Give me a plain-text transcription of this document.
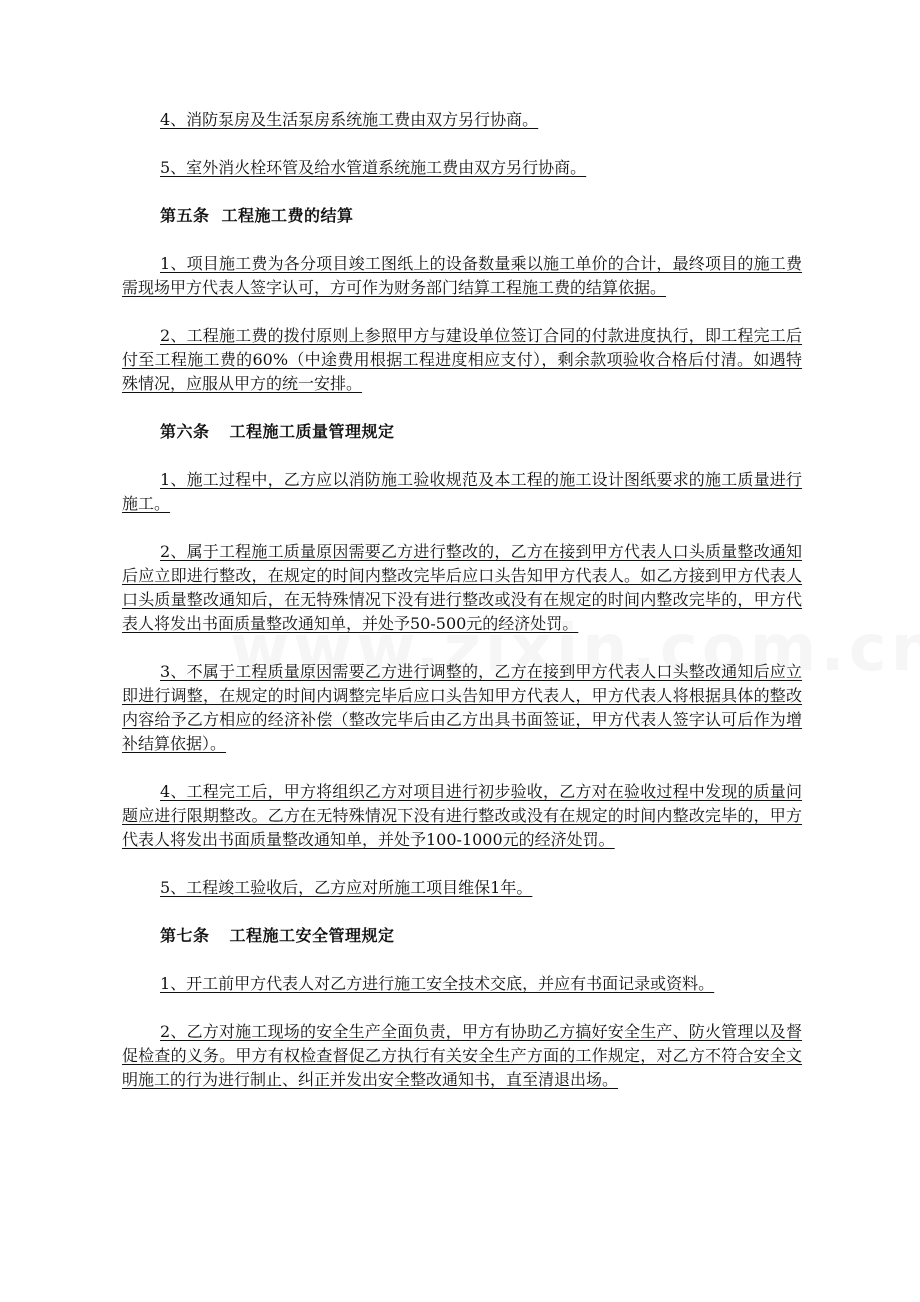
4、消防泵房及生活泵房系统施工费由双方另行协商。

5、室外消火栓环管及给水管道系统施工费由双方另行协商。

第五条 工程施工费的结算

1、项目施工费为各分项目竣工图纸上的设备数量乘以施工单价的合计，最终项目的施工费需现场甲方代表人签字认可，方可作为财务部门结算工程施工费的结算依据。

2、工程施工费的拨付原则上参照甲方与建设单位签订合同的付款进度执行，即工程完工后付至工程施工费的60%（中途费用根据工程进度相应支付），剩余款项验收合格后付清。如遇特殊情况，应服从甲方的统一安排。

第六条 工程施工质量管理规定

1、施工过程中，乙方应以消防施工验收规范及本工程的施工设计图纸要求的施工质量进行施工。

2、属于工程施工质量原因需要乙方进行整改的，乙方在接到甲方代表人口头质量整改通知后应立即进行整改，在规定的时间内整改完毕后应口头告知甲方代表人。如乙方接到甲方代表人口头质量整改通知后，在无特殊情况下没有进行整改或没有在规定的时间内整改完毕的，甲方代表人将发出书面质量整改通知单，并处予50-500元的经济处罚。

3、不属于工程质量原因需要乙方进行调整的，乙方在接到甲方代表人口头整改通知后应立即进行调整，在规定的时间内调整完毕后应口头告知甲方代表人，甲方代表人将根据具体的整改内容给予乙方相应的经济补偿（整改完毕后由乙方出具书面签证，甲方代表人签字认可后作为增补结算依据）。

4、工程完工后，甲方将组织乙方对项目进行初步验收，乙方对在验收过程中发现的质量问题应进行限期整改。乙方在无特殊情况下没有进行整改或没有在规定的时间内整改完毕的，甲方代表人将发出书面质量整改通知单，并处予100-1000元的经济处罚。

5、工程竣工验收后，乙方应对所施工项目维保1年。

第七条 工程施工安全管理规定

1、开工前甲方代表人对乙方进行施工安全技术交底，并应有书面记录或资料。

2、乙方对施工现场的安全生产全面负责，甲方有协助乙方搞好安全生产、防火管理以及督促检查的义务。甲方有权检查督促乙方执行有关安全生产方面的工作规定，对乙方不符合安全文明施工的行为进行制止、纠正并发出安全整改通知书，直至清退出场。
